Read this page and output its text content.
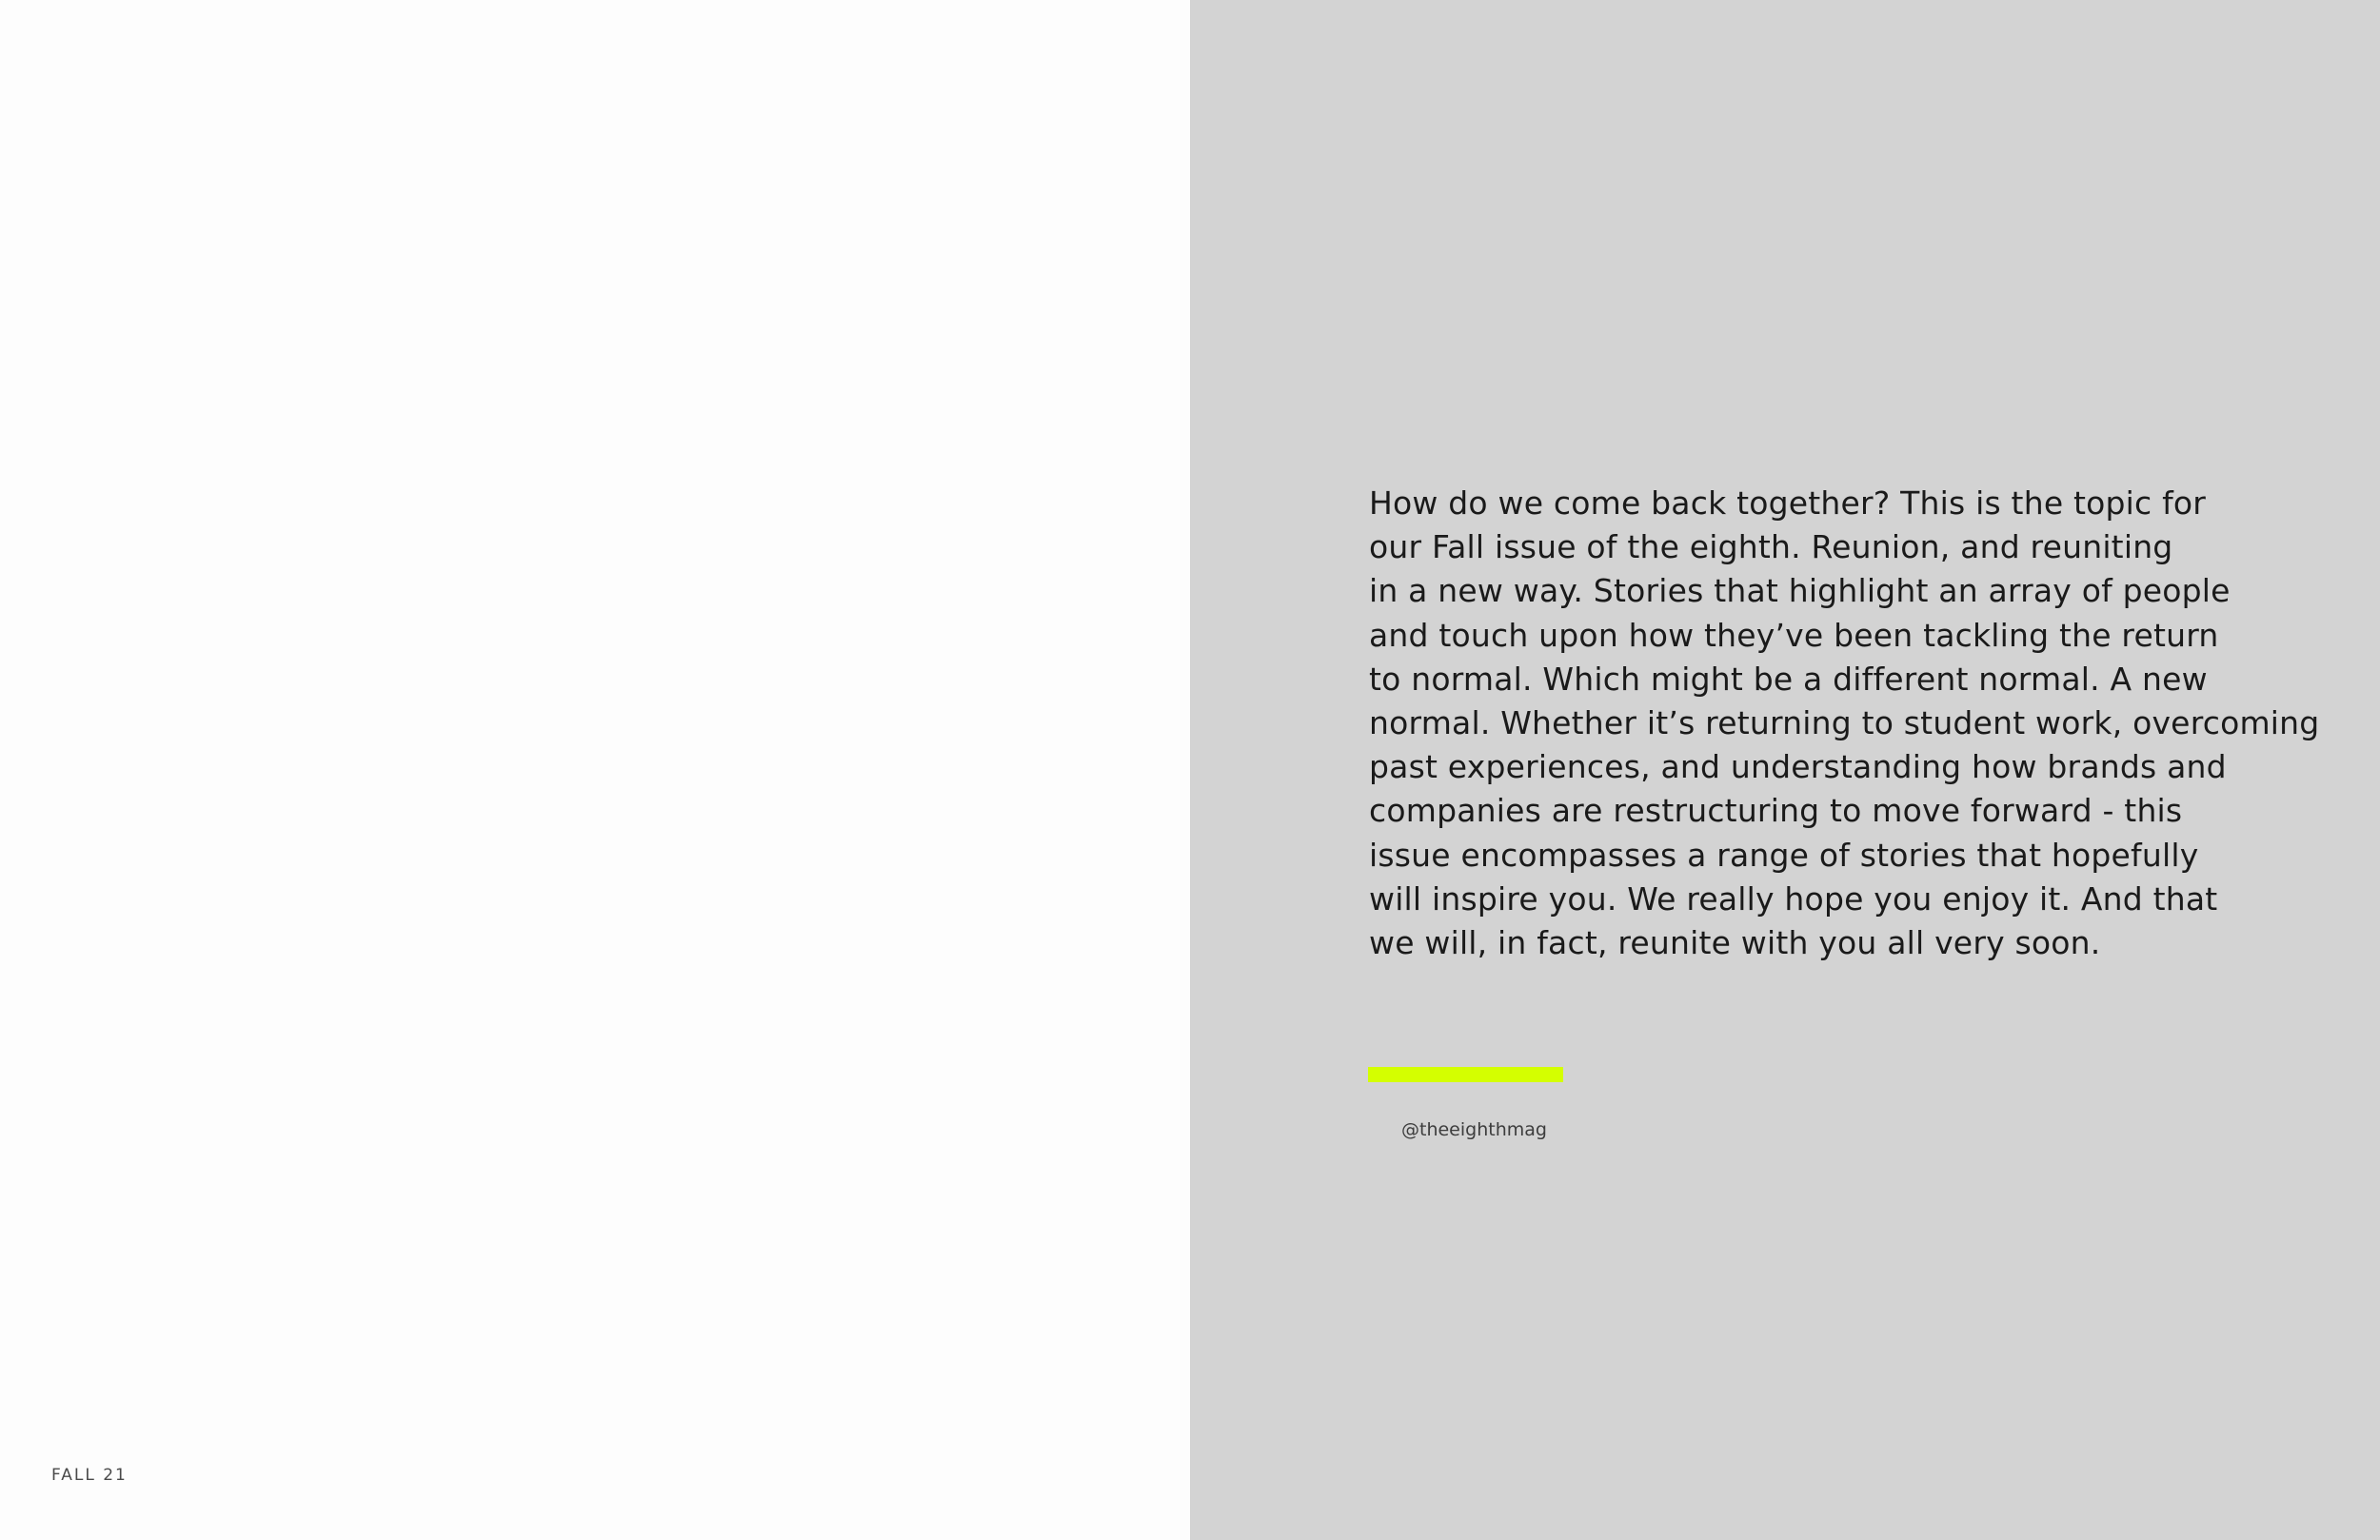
FALL 21

How do we come back together? This is the topic for
our Fall issue of the eighth. Reunion, and reuniting
in a new way. Stories that highlight an array of people
and touch upon how they’ve been tackling the return
to normal. Which might be a different normal. A new
normal. Whether it’s returning to student work, overcoming
past experiences, and understanding how brands and
companies are restructuring to move forward - this
issue encompasses a range of stories that hopefully
will inspire you. We really hope you enjoy it. And that
we will, in fact, reunite with you all very soon.

@theeighthmag
